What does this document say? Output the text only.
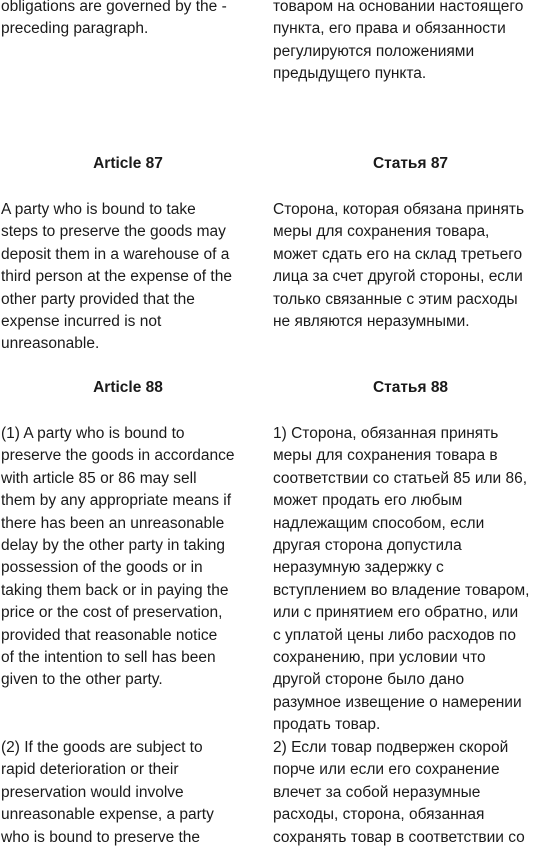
obligations are governed by the -
preceding paragraph.

товаром на основании настоящего
пункта, его права и обязанности
регулируются положениями
предыдущего пункта.

Article 87	Статья 87

A party who is bound to take
steps to preserve the goods may
deposit them in a warehouse of a
third person at the expense of the
other party provided that the
expense incurred is not
unreasonable.

Сторона, которая обязана принять
меры для сохранения товара,
может сдать его на склад третьего
лица за счет другой стороны, если
только связанные с этим расходы
не являются неразумными.

Article 88	Статья 88

(1) A party who is bound to
preserve the goods in accordance
with article 85 or 86 may sell
them by any appropriate means if
there has been an unreasonable
delay by the other party in taking
possession of the goods or in
taking them back or in paying the
price or the cost of preservation,
provided that reasonable notice
of the intention to sell has been
given to the other party.

1) Сторона, обязанная принять
меры для сохранения товара в
соответствии со статьей 85 или 86,
может продать его любым
надлежащим способом, если
другая сторона допустила
неразумную задержку с
вступлением во владение товаром,
или с принятием его обратно, или
с уплатой цены либо расходов по
сохранению, при условии что
другой стороне было дано
разумное извещение о намерении
продать товар.

(2) If the goods are subject to
rapid deterioration or their
preservation would involve
unreasonable expense, a party
who is bound to preserve the

2) Если товар подвержен скорой
порче или если его сохранение
влечет за собой неразумные
расходы, сторона, обязанная
сохранять товар в соответствии со
